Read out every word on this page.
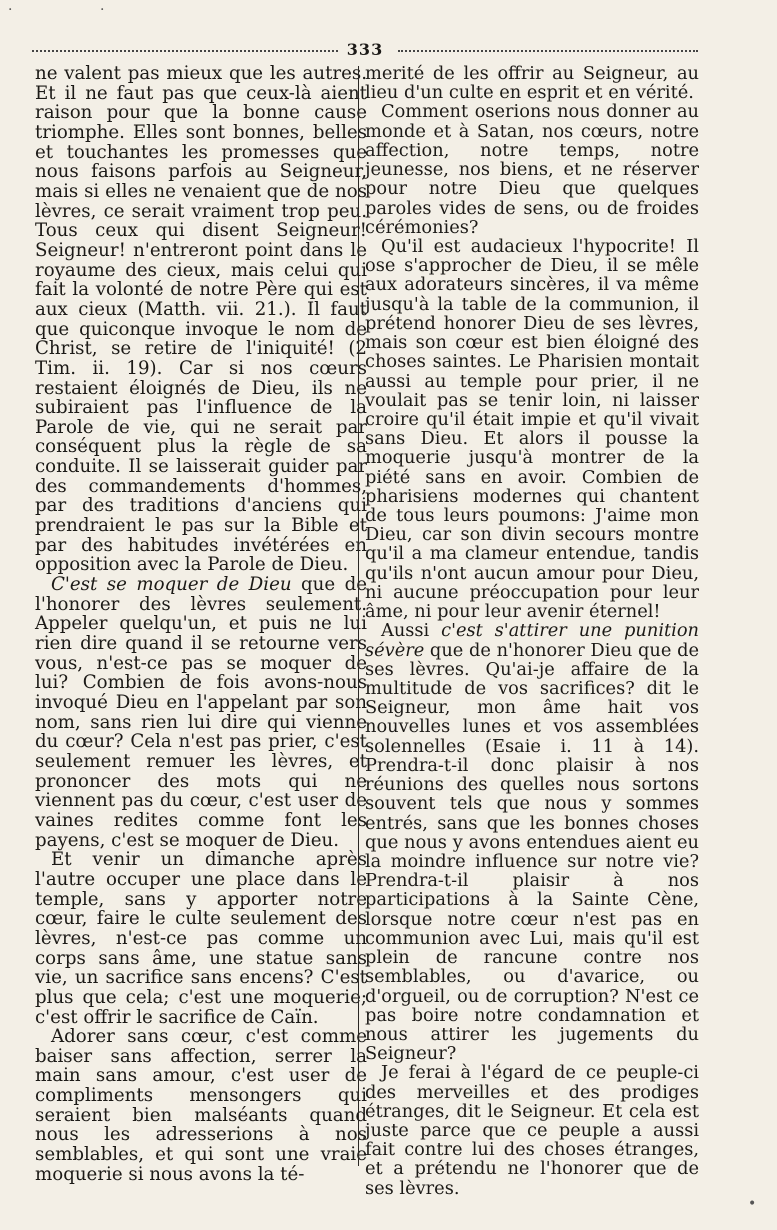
·	·
333

ne valent pas mieux que les autres. Et il ne faut pas que ceux-là aient raison pour que la bonne cause triomphe. Elles sont bonnes, belles et touchantes les promesses que nous faisons parfois au Seigneur, mais si elles ne venaient que de nos lèvres, ce serait vraiment trop peu. Tous ceux qui disent Seigneur! Seigneur! n'entreront point dans le royaume des cieux, mais celui qui fait la volonté de notre Père qui est aux cieux (Matth. vii. 21.). Il faut que quiconque invoque le nom de Christ, se retire de l'iniquité! (2 Tim. ii. 19). Car si nos cœurs restaient éloignés de Dieu, ils ne subiraient pas l'influence de la Parole de vie, qui ne serait par conséquent plus la règle de sa conduite. Il se laisserait guider par des commandements d'hommes, par des traditions d'anciens qui prendraient le pas sur la Bible et par des habitudes invétérées en opposition avec la Parole de Dieu.

C'est se moquer de Dieu que de l'honorer des lèvres seulement. Appeler quelqu'un, et puis ne lui rien dire quand il se retourne vers vous, n'est-ce pas se moquer de lui? Combien de fois avons-nous invoqué Dieu en l'appelant par son nom, sans rien lui dire qui vienne du cœur? Cela n'est pas prier, c'est seulement remuer les lèvres, et prononcer des mots qui ne viennent pas du cœur, c'est user de vaines redites comme font les payens, c'est se moquer de Dieu.

Et venir un dimanche après l'autre occuper une place dans le temple, sans y apporter notre cœur, faire le culte seulement des lèvres, n'est-ce pas comme un corps sans âme, une statue sans vie, un sacrifice sans encens? C'est plus que cela; c'est une moquerie; c'est offrir le sacrifice de Caïn.

Adorer sans cœur, c'est comme baiser sans affection, serrer la main sans amour, c'est user de compliments mensongers qui seraient bien malséants quand nous les adresserions à nos semblables, et qui sont une vraie moquerie si nous avons la té-

merité de les offrir au Seigneur, au lieu d'un culte en esprit et en vérité.

Comment oserions nous donner au monde et à Satan, nos cœurs, notre affection, notre temps, notre jeunesse, nos biens, et ne réserver pour notre Dieu que quelques paroles vides de sens, ou de froides cérémonies?

Qu'il est audacieux l'hypocrite! Il ose s'approcher de Dieu, il se mêle aux adorateurs sincères, il va même jusqu'à la table de la communion, il prétend honorer Dieu de ses lèvres, mais son cœur est bien éloigné des choses saintes. Le Pharisien montait aussi au temple pour prier, il ne voulait pas se tenir loin, ni laisser croire qu'il était impie et qu'il vivait sans Dieu. Et alors il pousse la moquerie jusqu'à montrer de la piété sans en avoir. Combien de pharisiens modernes qui chantent de tous leurs poumons: J'aime mon Dieu, car son divin secours montre qu'il a ma clameur entendue, tandis qu'ils n'ont aucun amour pour Dieu, ni aucune préoccupation pour leur âme, ni pour leur avenir éternel!

Aussi c'est s'attirer une punition sévère que de n'honorer Dieu que de ses lèvres. Qu'ai-je affaire de la multitude de vos sacrifices? dit le Seigneur, mon âme hait vos nouvelles lunes et vos assemblées solennelles (Esaie i. 11 à 14). Prendra-t-il donc plaisir à nos réunions des quelles nous sortons souvent tels que nous y sommes entrés, sans que les bonnes choses que nous y avons entendues aient eu la moindre influence sur notre vie? Prendra-t-il plaisir à nos participations à la Sainte Cène, lorsque notre cœur n'est pas en communion avec Lui, mais qu'il est plein de rancune contre nos semblables, ou d'avarice, ou d'orgueil, ou de corruption? N'est ce pas boire notre condamnation et nous attirer les jugements du Seigneur?

Je ferai à l'égard de ce peuple-ci des merveilles et des prodiges étranges, dit le Seigneur. Et cela est juste parce que ce peuple a aussi fait contre lui des choses étranges, et a prétendu ne l'honorer que de ses lèvres.

•
